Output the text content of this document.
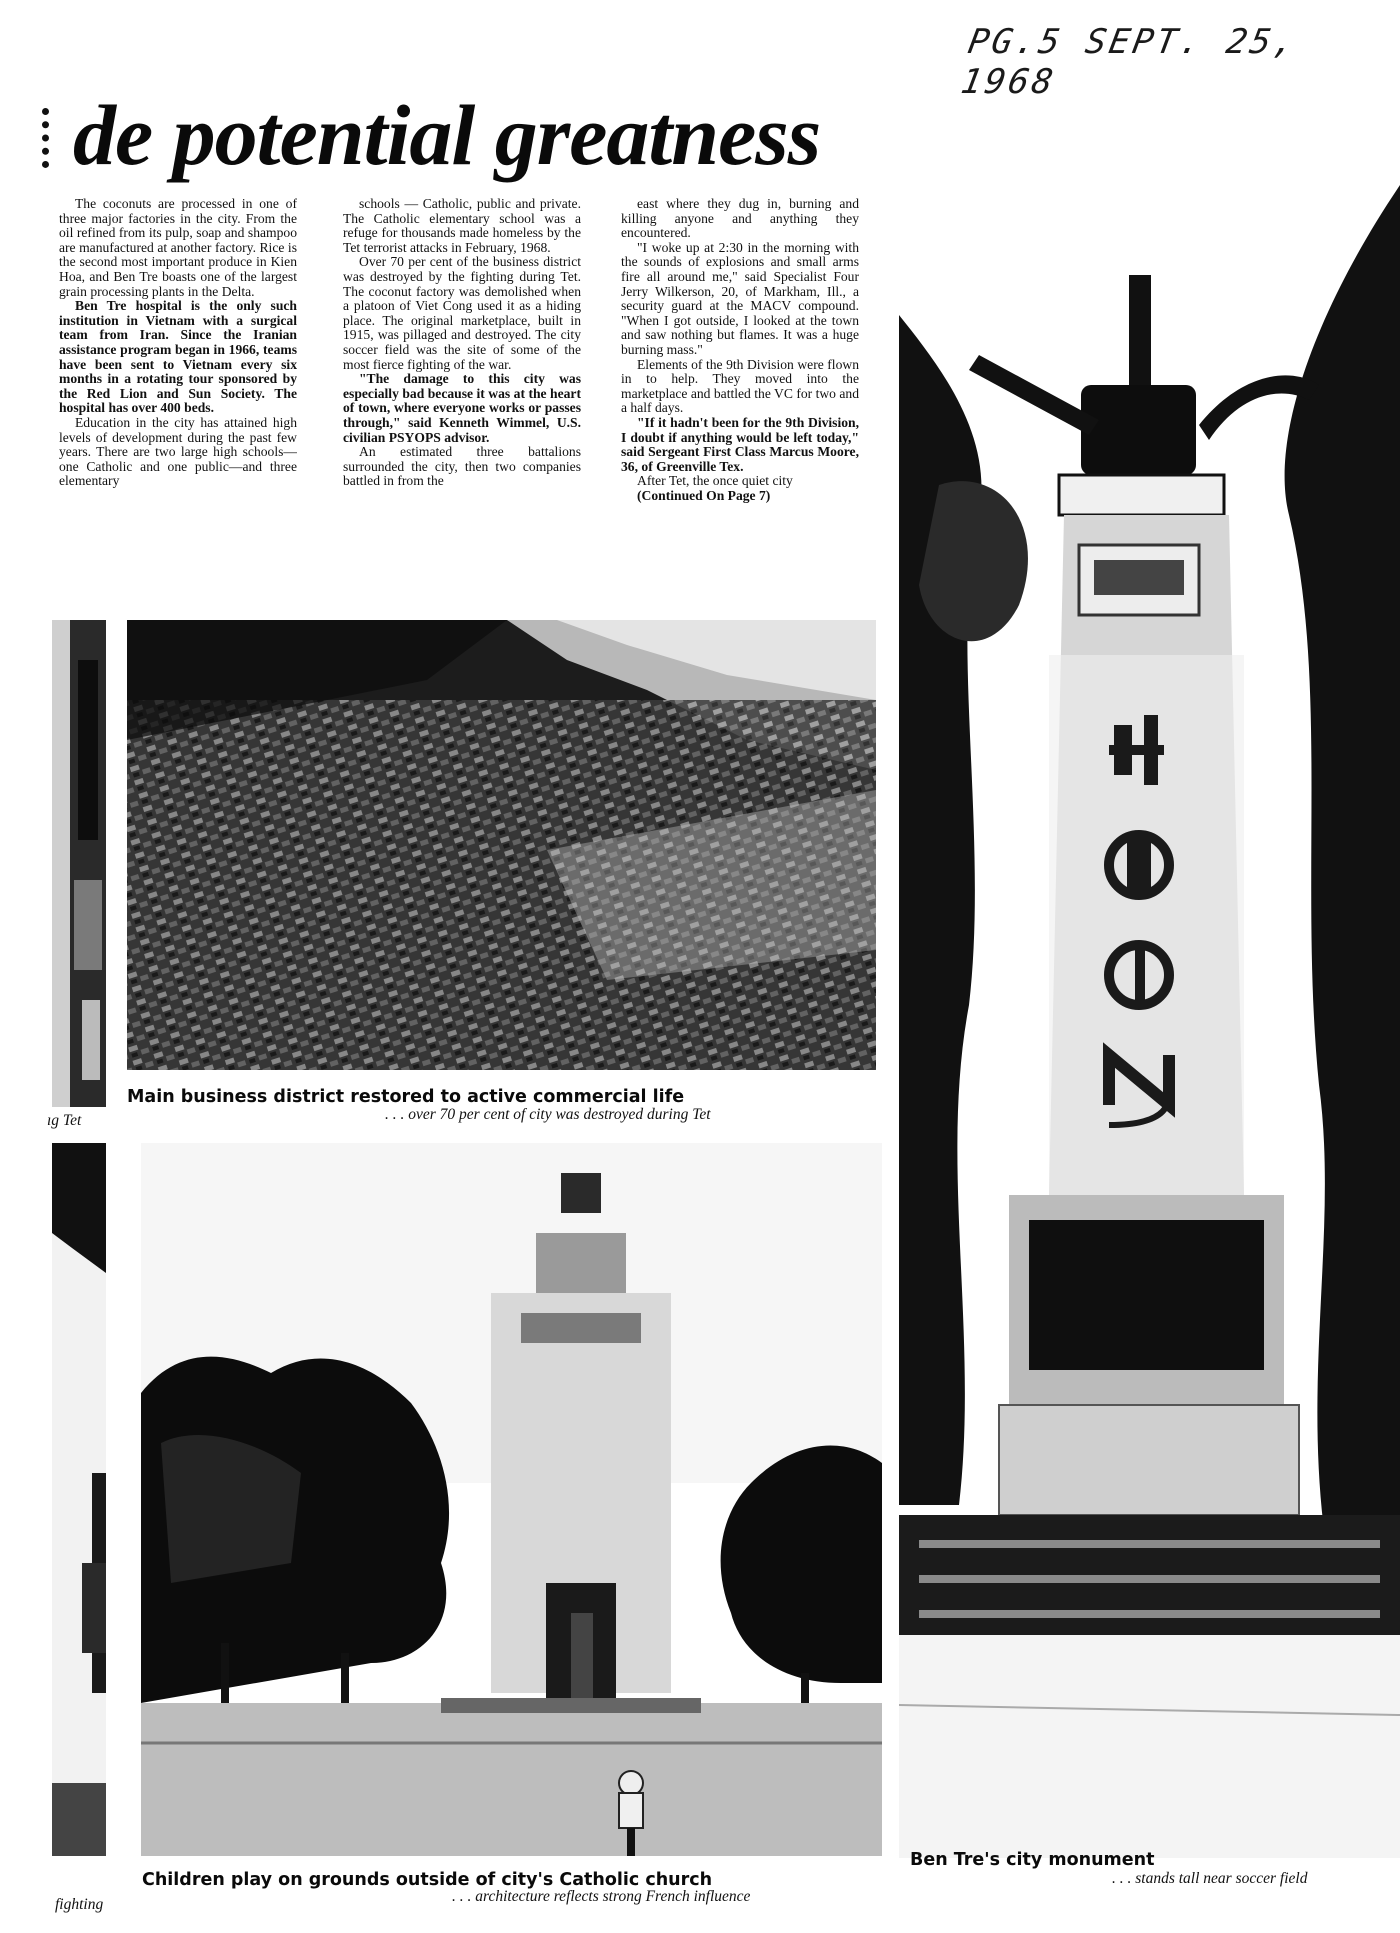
PG.5 SEPT. 25, 1968
de potential greatness

The coconuts are processed in one of three major factories in the city. From the oil refined from its pulp, soap and shampoo are manufactured at another factory. Rice is the second most important produce in Kien Hoa, and Ben Tre boasts one of the largest grain processing plants in the Delta.

Ben Tre hospital is the only such institution in Vietnam with a surgical team from Iran. Since the Iranian assistance program began in 1966, teams have been sent to Vietnam every six months in a rotating tour sponsored by the Red Lion and Sun Society. The hospital has over 400 beds.

Education in the city has attained high levels of development during the past few years. There are two large high schools—one Catholic and one public—and three elementary

schools — Catholic, public and private. The Catholic elementary school was a refuge for thousands made homeless by the Tet terrorist attacks in February, 1968.

Over 70 per cent of the business district was destroyed by the fighting during Tet. The coconut factory was demolished when a platoon of Viet Cong used it as a hiding place. The original marketplace, built in 1915, was pillaged and destroyed. The city soccer field was the site of some of the most fierce fighting of the war.

"The damage to this city was especially bad because it was at the heart of town, where everyone works or passes through," said Kenneth Wimmel, U.S. civilian PSYOPS advisor.

An estimated three battalions surrounded the city, then two companies battled in from the

east where they dug in, burning and killing anyone and anything they encountered.

"I woke up at 2:30 in the morning with the sounds of explosions and small arms fire all around me," said Specialist Four Jerry Wilkerson, 20, of Markham, Ill., a security guard at the MACV compound. "When I got outside, I looked at the town and saw nothing but flames. It was a huge burning mass."

Elements of the 9th Division were flown in to help. They moved into the marketplace and battled the VC for two and a half days.

"If it hadn't been for the 9th Division, I doubt if anything would be left today," said Sergeant First Class Marcus Moore, 36, of Greenville Tex.

After Tet, the once quiet city

(Continued On Page 7)

Main business district restored to active commercial life
. . . over 70 per cent of city was destroyed during Tet
ıg Tet
Children play on grounds outside of city's Catholic church
. . . architecture reflects strong French influence
fighting
Ben Tre's city monument
. . . stands tall near soccer field
